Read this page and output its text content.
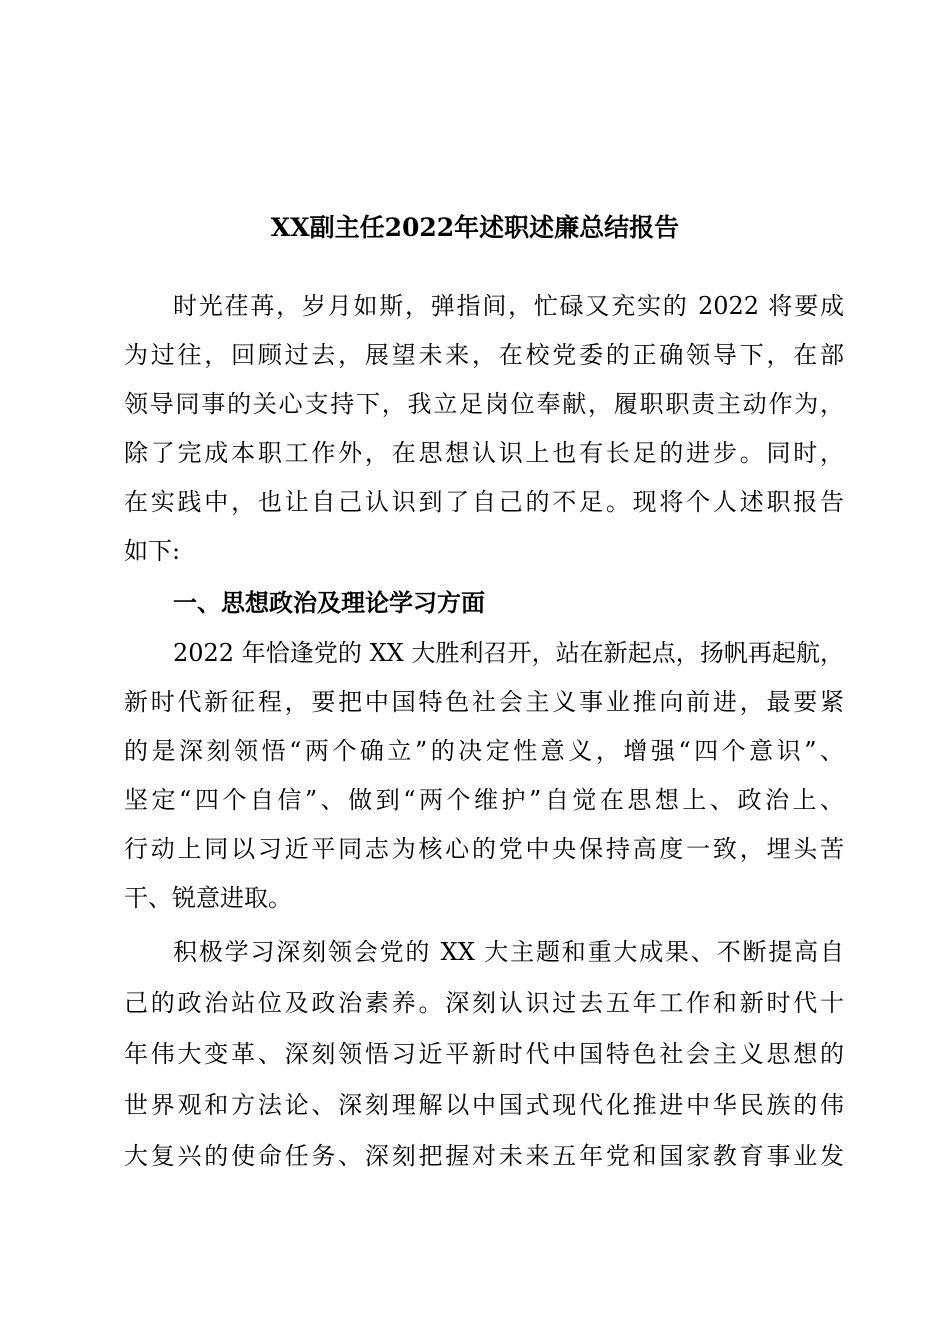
XX副主任2022年述职述廉总结报告
时光荏苒，岁月如斯，弹指间，忙碌又充实的 2022 将要成
为过往，回顾过去，展望未来，在校党委的正确领导下，在部
领导同事的关心支持下，我立足岗位奉献，履职职责主动作为，
除了完成本职工作外，在思想认识上也有长足的进步。同时，
在实践中，也让自己认识到了自己的不足。现将个人述职报告
如下:
一、思想政治及理论学习方面
2022 年恰逢党的 XX 大胜利召开，站在新起点，扬帆再起航，
新时代新征程，要把中国特色社会主义事业推向前进，最要紧
的是深刻领悟“两个确立”的决定性意义，增强“四个意识”、
坚定“四个自信”、做到“两个维护”自觉在思想上、政治上、
行动上同以习近平同志为核心的党中央保持高度一致，埋头苦
干、锐意进取。
积极学习深刻领会党的 XX 大主题和重大成果、不断提高自
己的政治站位及政治素养。深刻认识过去五年工作和新时代十
年伟大变革、深刻领悟习近平新时代中国特色社会主义思想的
世界观和方法论、深刻理解以中国式现代化推进中华民族的伟
大复兴的使命任务、深刻把握对未来五年党和国家教育事业发
